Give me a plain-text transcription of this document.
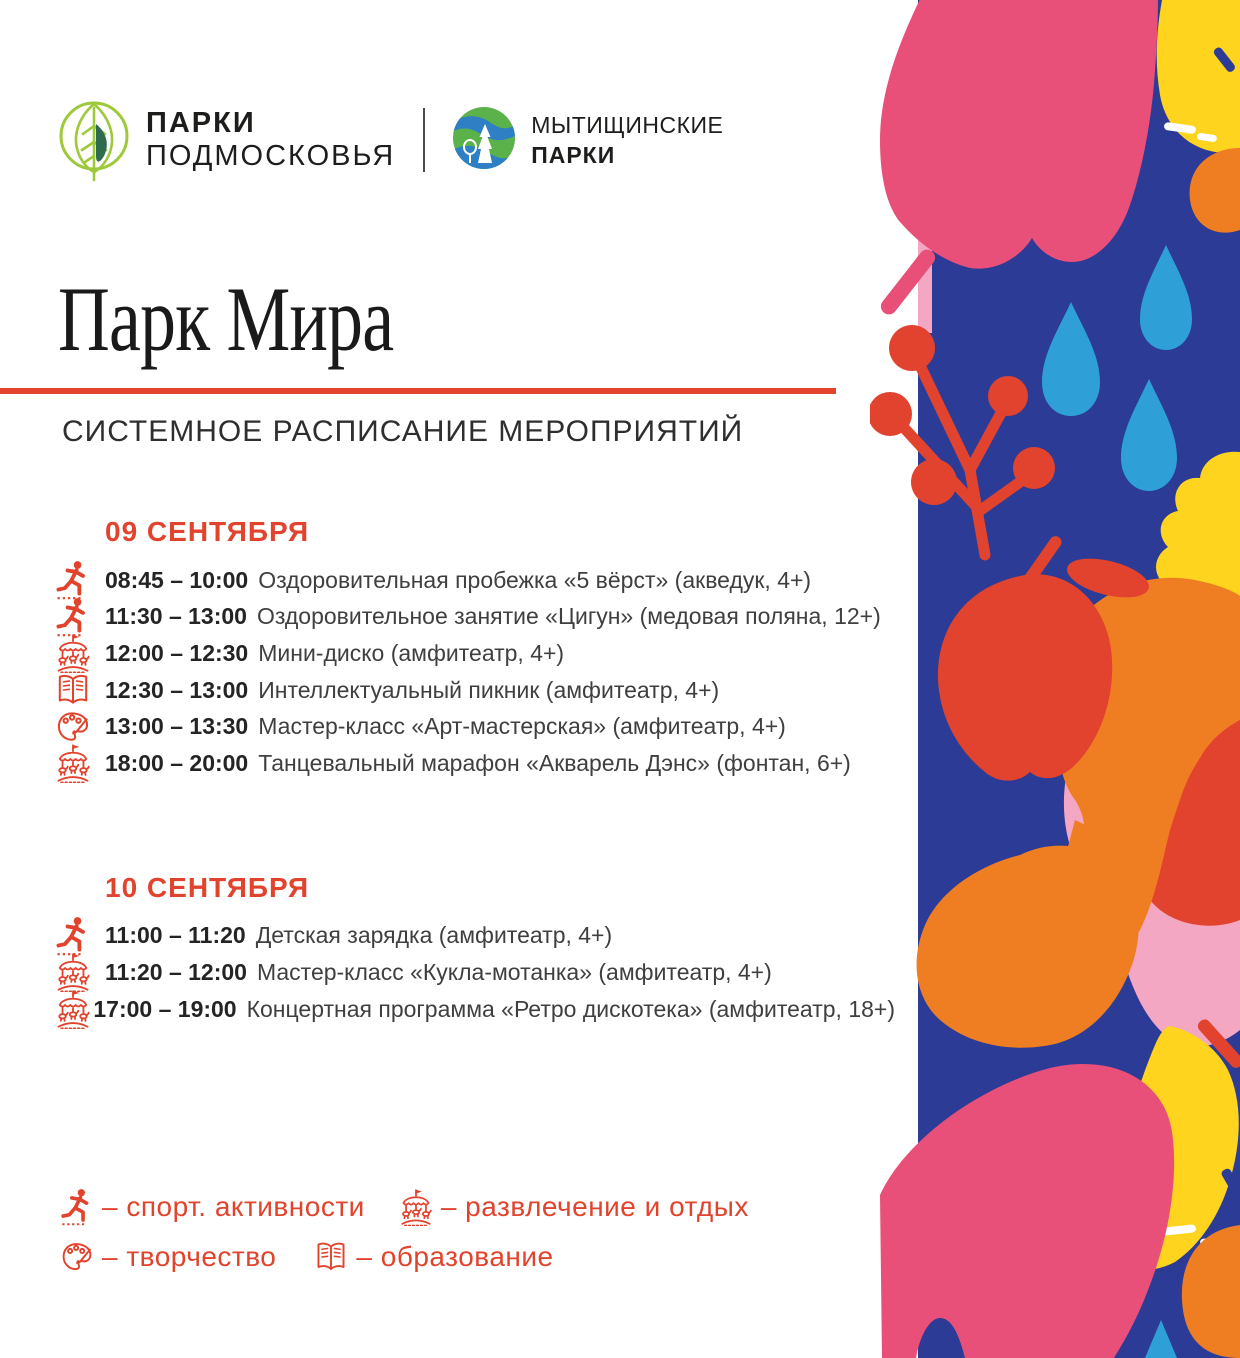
ПАРКИ
ПОДМОСКОВЬЯ
МЫТИЩИНСКИЕ
ПАРКИ
Парк Мира
СИСТЕМНОЕ РАСПИСАНИЕ МЕРОПРИЯТИЙ
09 СЕНТЯБРЯ
08:45 – 10:00 Оздоровительная пробежка «5 вёрст» (акведук, 4+)
11:30 – 13:00 Оздоровительное занятие «Цигун» (медовая поляна, 12+)
12:00 – 12:30 Мини-диско (амфитеатр, 4+)
12:30 – 13:00 Интеллектуальный пикник (амфитеатр, 4+)
13:00 – 13:30 Мастер-класс «Арт-мастерская» (амфитеатр, 4+)
18:00 – 20:00 Танцевальный марафон «Акварель Дэнс» (фонтан, 6+)
10 СЕНТЯБРЯ
11:00 – 11:20 Детская зарядка (амфитеатр, 4+)
11:20 – 12:00 Мастер-класс «Кукла-мотанка» (амфитеатр, 4+)
17:00 – 19:00 Концертная программа «Ретро дискотека» (амфитеатр, 18+)
– спорт. активности	– развлечение и отдых
– творчество	– образование
